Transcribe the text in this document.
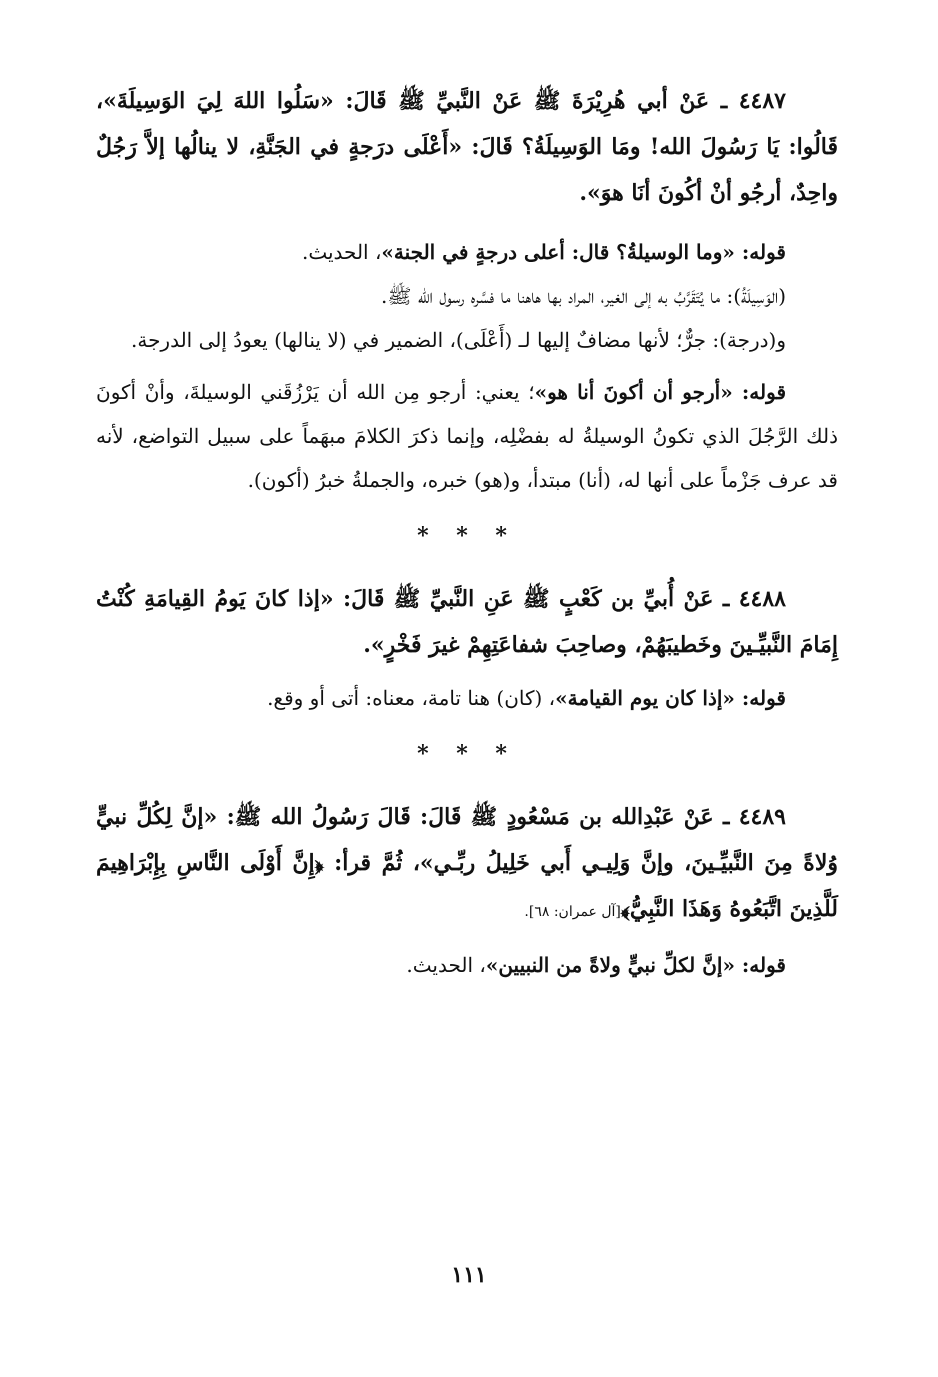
٤٤٨٧ ـ عَنْ أبي هُرِيْرَةَ ﷺ عَنْ النَّبيِّ ﷺ قَالَ: «سَلُوا اللهَ لِيَ الوَسِيلَةَ»، قَالُوا: يَا رَسُولَ الله! ومَا الوَسِيلَةُ؟ قَالَ: «أَعْلَى درَجةٍ في الجَنَّةِ، لا ينالُها إلاَّ رَجُلٌ واحِدٌ، أرجُو أنْ أكُونَ أنَا هوَ».

قوله: «وما الوسيلةُ؟ قال: أعلى درجةٍ في الجنة»، الحديث.

(الوَسِيلَةُ): ما يُتَقَرَّبُ به إلى الغير، المراد بها هاهنا ما فسَّره رسول الله ﷺ.

و(درجة): جرٌّ؛ لأنها مضافٌ إليها لـ (أَعْلَى)، الضمير في (لا ينالها) يعودُ إلى الدرجة.

قوله: «أرجو أن أكونَ أنا هو»؛ يعني: أرجو مِن الله أن يَرْزُقَني الوسيلةَ، وأنْ أكونَ ذلك الرَّجُلَ الذي تكونُ الوسيلةُ له بفضْلِه، وإنما ذكرَ الكلامَ مبهَماً على سبيل التواضع، لأنه قد عرف جَزْماً على أنها له، (أنا) مبتدأ، و(هو) خبره، والجملةُ خبرُ (أكون).

* * *

٤٤٨٨ ـ عَنْ أُبيِّ بن كَعْبٍ ﷺ عَنِ النَّبيِّ ﷺ قَالَ: «إذا كانَ يَومُ القِيامَةِ كُنْتُ إِمَامَ النَّبيِّـينَ وخَطيبَهُمْ، وصاحِبَ شفاعَتِهِمْ غيرَ فَخْرٍ».

قوله: «إذا كان يوم القيامة»، (كان) هنا تامة، معناه: أتى أو وقع.

* * *

٤٤٨٩ ـ عَنْ عَبْدِالله بن مَسْعُودٍ ﷺ قَالَ: قَالَ رَسُولُ الله ﷺ: «إنَّ لِكُلِّ نبيٍّ وُلاةً مِنَ النَّبيِّـينَ، وإنَّ وَلِيـي أَبي خَلِيلُ ربِّـي»، ثُمَّ قرأ: ﴿إِنَّ أَوْلَى النَّاسِ بِإِبْرَاهِيمَ لَلَّذِينَ اتَّبَعُوهُ وَهَذَا النَّبِيُّ﴾[آل عمران: ٦٨].

قوله: «إنَّ لكلِّ نبيٍّ ولاةً من النبيين»، الحديث.

١١١
